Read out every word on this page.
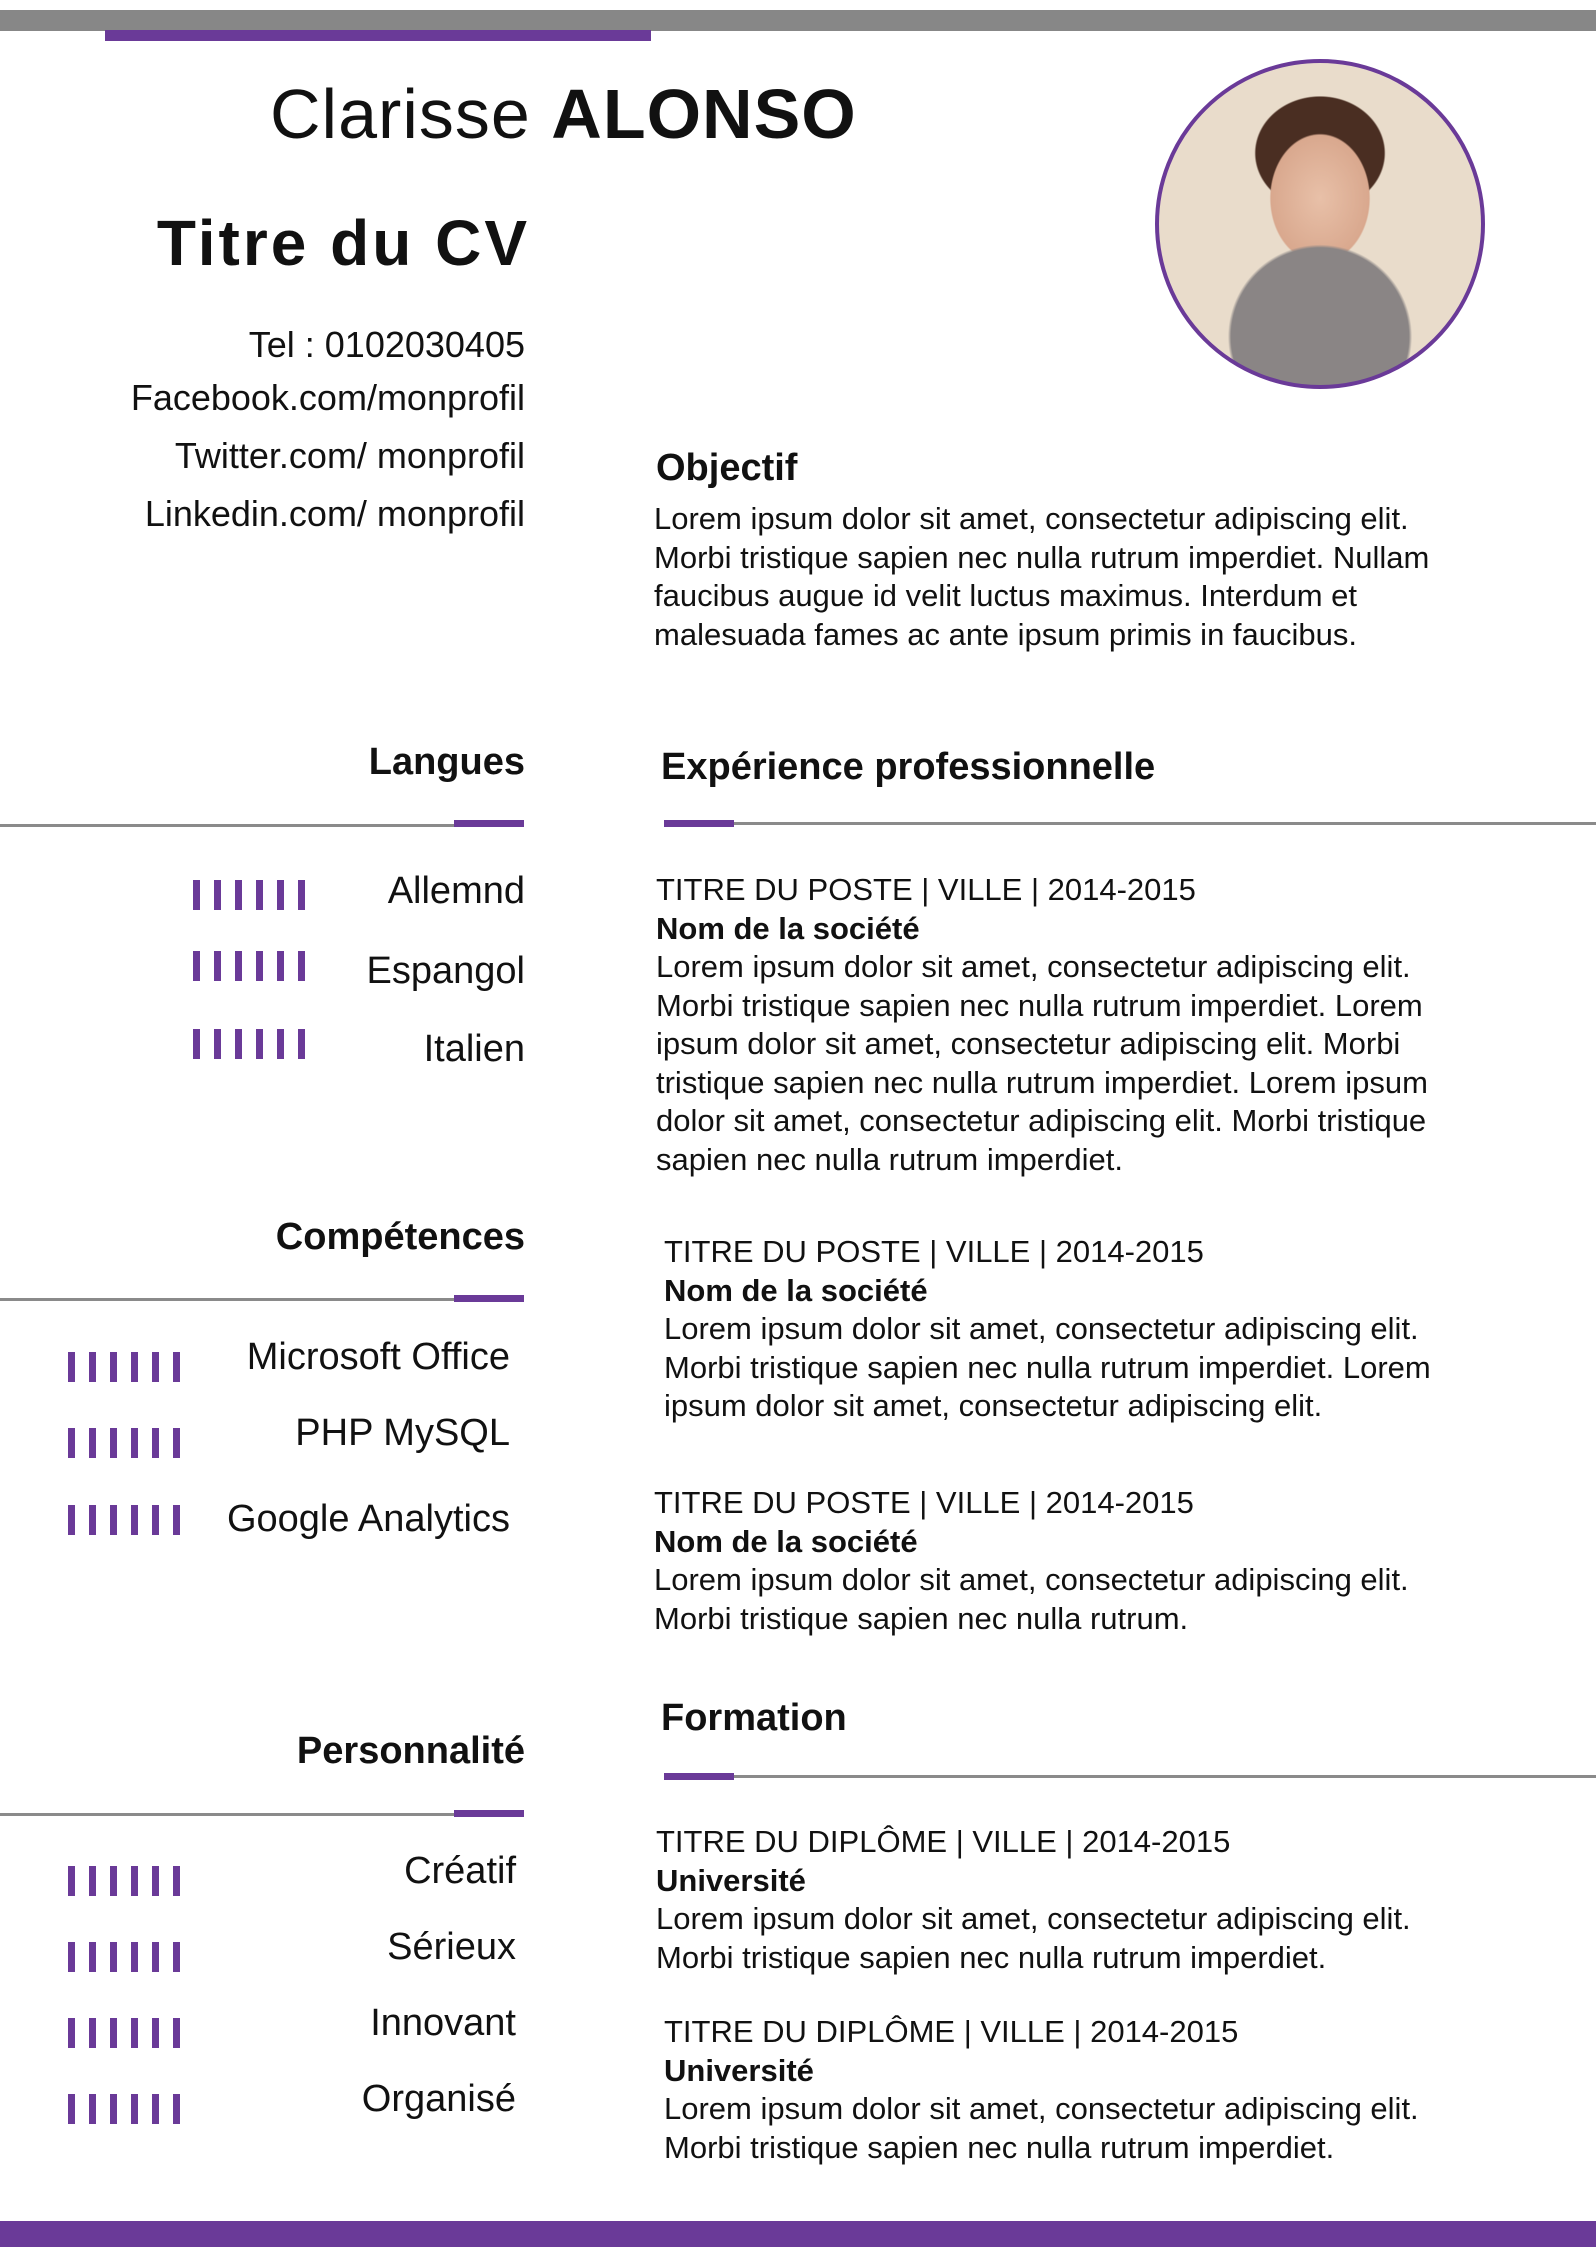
Clarisse ALONSO
Titre du CV
Tel : 0102030405
Facebook.com/monprofil
Twitter.com/ monprofil
Linkedin.com/ monprofil
Objectif
Lorem ipsum dolor sit amet, consectetur adipiscing elit.
Morbi tristique sapien nec nulla rutrum imperdiet. Nullam
faucibus augue id velit luctus maximus. Interdum et
malesuada fames ac ante ipsum primis in faucibus.
Langues
Allemnd
Espangol
Italien
Compétences
Microsoft Office
PHP MySQL
Google Analytics
Personnalité
Créatif
Sérieux
Innovant
Organisé
Expérience professionnelle
TITRE DU POSTE | VILLE | 2014-2015
Nom de la société
Lorem ipsum dolor sit amet, consectetur adipiscing elit.
Morbi tristique sapien nec nulla rutrum imperdiet. Lorem
ipsum dolor sit amet, consectetur adipiscing elit. Morbi
tristique sapien nec nulla rutrum imperdiet. Lorem ipsum
dolor sit amet, consectetur adipiscing elit. Morbi tristique
sapien nec nulla rutrum imperdiet.
TITRE DU POSTE | VILLE | 2014-2015
Nom de la société
Lorem ipsum dolor sit amet, consectetur adipiscing elit.
Morbi tristique sapien nec nulla rutrum imperdiet. Lorem
ipsum dolor sit amet, consectetur adipiscing elit.
TITRE DU POSTE | VILLE | 2014-2015
Nom de la société
Lorem ipsum dolor sit amet, consectetur adipiscing elit.
Morbi tristique sapien nec nulla rutrum.
Formation
TITRE DU DIPLÔME | VILLE | 2014-2015
Université
Lorem ipsum dolor sit amet, consectetur adipiscing elit.
Morbi tristique sapien nec nulla rutrum imperdiet.
TITRE DU DIPLÔME | VILLE | 2014-2015
Université
Lorem ipsum dolor sit amet, consectetur adipiscing elit.
Morbi tristique sapien nec nulla rutrum imperdiet.
